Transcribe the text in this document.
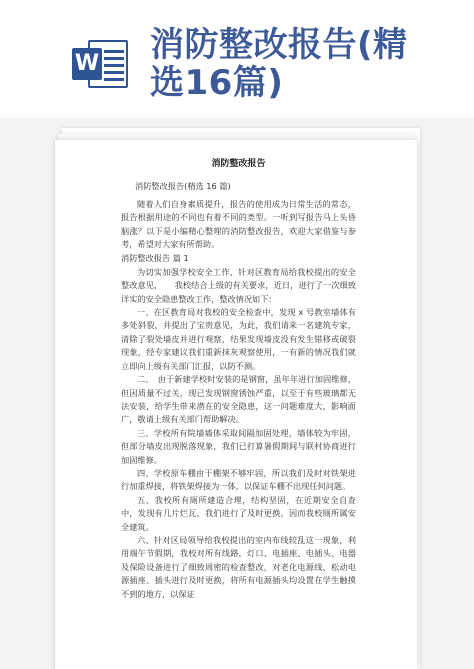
W 消防整改报告(精
选16篇)

消防整改报告

消防整改报告(精选 16 篇)

随着人们自身素质提升，报告的使用成为日常生活的常态，报告根据用途的不同也有着不同的类型。一听到写报告马上头昏脑涨？以下是小编精心整理的消防整改报告，欢迎大家借鉴与参考，希望对大家有所帮助。

消防整改报告 篇 1

为切实加强学校安全工作，针对区教育局给我校提出的安全整改意见，　　我校结合上级的有关要求，近日，进行了一次细致详实的安全隐患整改工作，整改情况如下：

一、在区教育局对我校的安全检查中，发现 x 号教室墙体有多处斜裂，并提出了宝贵意见，为此，我们请来一名建筑专家，清除了裂处墙皮并进行观察，结果发现墙皮没有发生错移或破裂现象，经专家建议我们重新抹灰观察使用，一有新的情况我们就立即向上级有关部门汇报，以防不测。

二、　由于新建学校时安装的是钢窗，虽年年进行加固维修，但因质量不过关，现已发现钢窗锈蚀严重，以至于有些玻璃都无法安装，给学生带来潜在的安全隐患，这一问题难度大，影响面广，敬请上级有关部门帮助解决。

三、学校所有院墙墙体采取间隔加固处理，墙体较为牢固，但部分墙皮出现脱落现象，我们已打算暑假期间与联村协商进行加固维修。

四、学校原车棚由于棚架不够牢固，所以我们及时对铁架进行加重焊接，将铁架焊接为一体，以保证车棚不出现任何问题。

五、我校所有厕所建造合理，结构坚固，在近期安全自查中，发现有几片烂瓦，我们进行了及时更换，因而我校厕所属安全建筑。

六、针对区局领导给我校提出的室内布线较乱这一现象，利用端午节假期，我校对所有线路，灯口、电插座、电插头、电器及保险设备进行了细致周密的检查整改，对老化电源线、松动电源插座、插头进行及时更换，将所有电源插头均设置在学生触摸不到的地方，以保证
